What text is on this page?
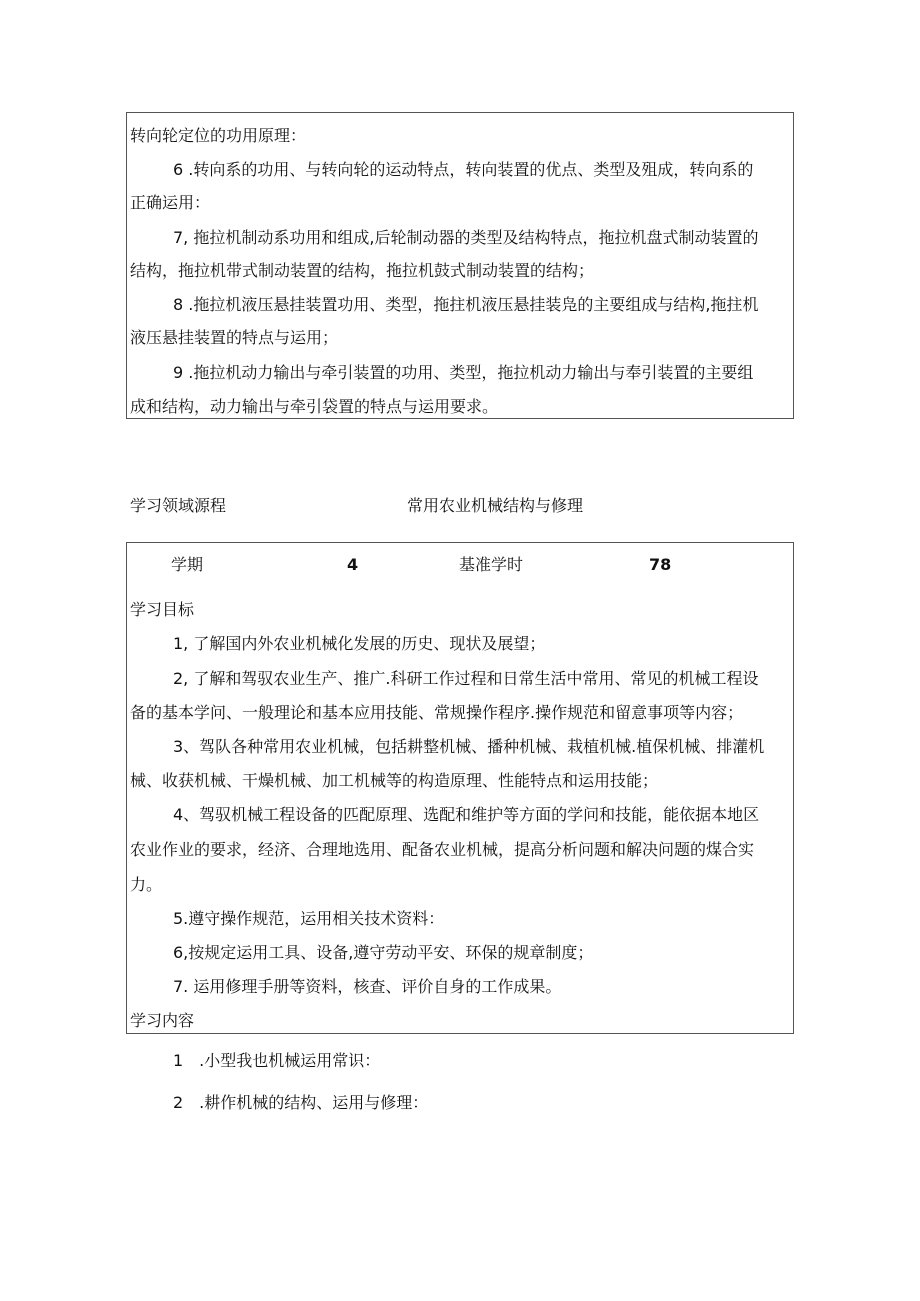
转向轮定位的功用原理：
6 .转向系的功用、与转向轮的运动特点，转向装置的优点、类型及殂成，转向系的
正确运用：
7, 拖拉机制动系功用和组成,后轮制动器的类型及结构特点，拖拉机盘式制动装置的
结构，拖拉机带式制动装置的结构，拖拉机鼓式制动装置的结构；
8 .拖拉机液压悬挂装置功用、类型，拖拄机液压悬挂装凫的主要组成与结构,拖拄机
液压悬挂装置的特点与运用；
9 .拖拉机动力输出与牵引装置的功用、类型，拖拉机动力输出与奉引装置的主要组
成和结构，动力输出与牵引袋置的特点与运用要求。
学习领域源程	常用农业机械结构与修理
学期	4	基准学时	78
学习目标
1, 了解国内外农业机械化发展的历史、现状及展望；
2, 了解和驾驭农业生产、推广.科研工作过程和日常生活中常用、常见的机械工程设
备的基本学问、一般理论和基本应用技能、常规操作程序.操作规范和留意事项等内容；
3、驾队各种常用农业机械，包括耕整机械、播种机械、栽植机械.植保机械、排灌机
械、收获机械、干燥机械、加工机械等的构造原理、性能特点和运用技能；
4、驾驭机械工程设备的匹配原理、选配和维护等方面的学问和技能，能依据本地区
农业作业的要求，经济、合理地选用、配备农业机械，提高分析问题和解决问题的煤合实
力。
5.遵守操作规范，运用相关技术资料：
6,按规定运用工具、设备,遵守劳动平安、环保的规章制度；
7. 运用修理手册等资料，核查、评价自身的工作成果。
学习内容
1　.小型我也机械运用常识：
2　.耕作机械的结构、运用与修理：
